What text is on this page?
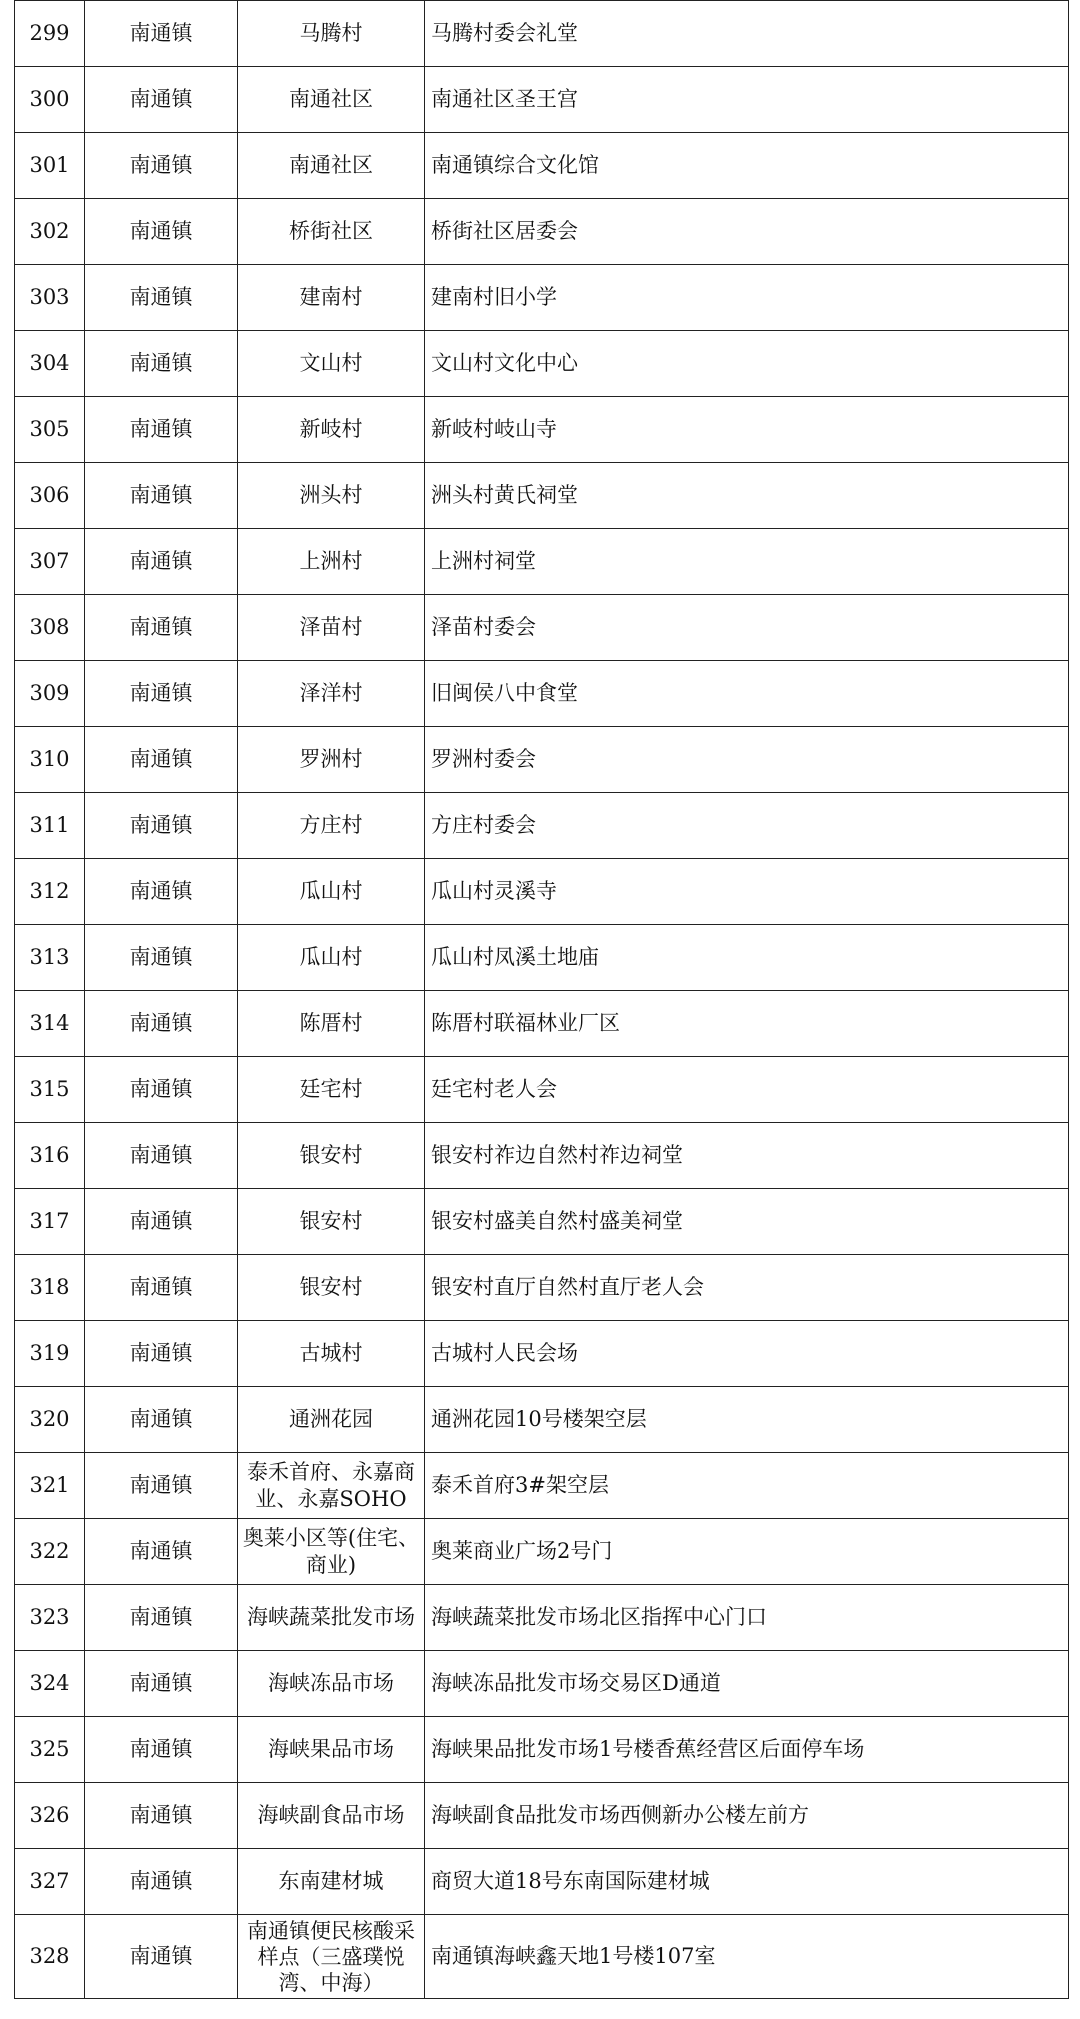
299	南通镇	马腾村	马腾村委会礼堂
300	南通镇	南通社区	南通社区圣王宫
301	南通镇	南通社区	南通镇综合文化馆
302	南通镇	桥街社区	桥街社区居委会
303	南通镇	建南村	建南村旧小学
304	南通镇	文山村	文山村文化中心
305	南通镇	新岐村	新岐村岐山寺
306	南通镇	洲头村	洲头村黄氏祠堂
307	南通镇	上洲村	上洲村祠堂
308	南通镇	泽苗村	泽苗村委会
309	南通镇	泽洋村	旧闽侯八中食堂
310	南通镇	罗洲村	罗洲村委会
311	南通镇	方庄村	方庄村委会
312	南通镇	瓜山村	瓜山村灵溪寺
313	南通镇	瓜山村	瓜山村凤溪土地庙
314	南通镇	陈厝村	陈厝村联福林业厂区
315	南通镇	廷宅村	廷宅村老人会
316	南通镇	银安村	银安村祚边自然村祚边祠堂
317	南通镇	银安村	银安村盛美自然村盛美祠堂
318	南通镇	银安村	银安村直厅自然村直厅老人会
319	南通镇	古城村	古城村人民会场
320	南通镇	通洲花园	通洲花园10号楼架空层
321	南通镇	泰禾首府、永嘉商业、永嘉SOHO	泰禾首府3#架空层
322	南通镇	奥莱小区等(住宅、商业)	奥莱商业广场2号门
323	南通镇	海峡蔬菜批发市场	海峡蔬菜批发市场北区指挥中心门口
324	南通镇	海峡冻品市场	海峡冻品批发市场交易区D通道
325	南通镇	海峡果品市场	海峡果品批发市场1号楼香蕉经营区后面停车场
326	南通镇	海峡副食品市场	海峡副食品批发市场西侧新办公楼左前方
327	南通镇	东南建材城	商贸大道18号东南国际建材城
328	南通镇	南通镇便民核酸采样点（三盛璞悦湾、中海）	南通镇海峡鑫天地1号楼107室
